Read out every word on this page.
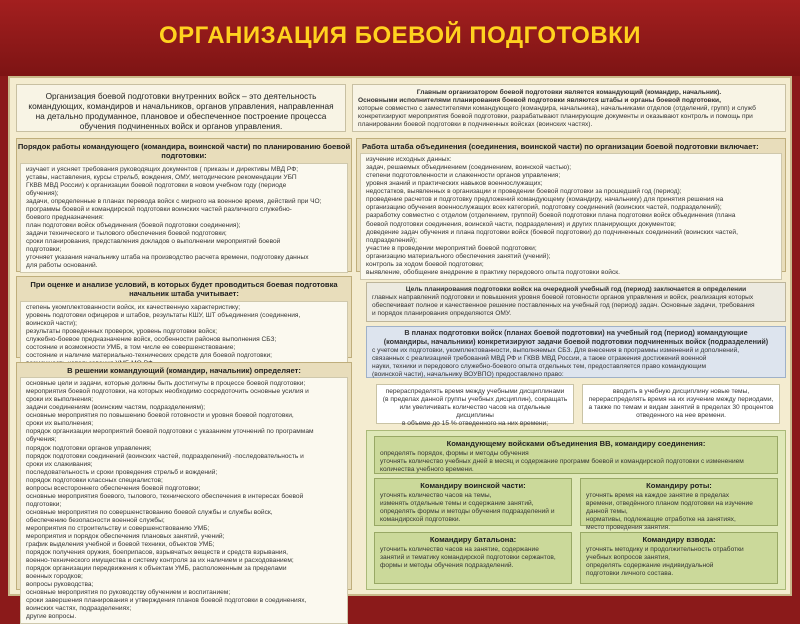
ОРГАНИЗАЦИЯ БОЕВОЙ ПОДГОТОВКИ

Организация боевой подготовки внутренних войск – это деятельность

командующих, командиров и начальников, органов управления, направленная

на детально продуманное, плановое и обеспеченное построение процесса

обучения подчиненных войск и органов управления.

Главным организатором боевой подготовки является командующий (командир, начальник).

Основными исполнителями планирования боевой подготовки являются штабы и органы боевой подготовки,

которые совместно с заместителями командующего (командира, начальника), начальниками отделов (отделений, групп) и служб

конкретизируют мероприятия боевой подготовки, разрабатывают планирующие документы и оказывают контроль и помощь при

планировании боевой подготовки в подчиненных войсках (воинских частях).

Порядок работы командующего (командира, воинской части) по планированию боевой подготовки:

изучает и уясняет требования руководящих документов ( приказы и директивы МВД РФ;

уставы, наставления, курсы стрельб, вождения, ОМУ, методические рекомендации УБП

ГКВВ МВД России) к организации боевой подготовки в новом учебном году (периоде

обучения);

задачи, определенные в планах перевода войск с мирного на военное время, действий при ЧО;

программы боевой и командирской подготовки воинских частей различного служебно-

боевого предназначения:

план подготовки войск объединения (боевой подготовки соединения);

задачи технического и тылового обеспечения боевой подготовки;

сроки планирования, представления докладов о выполнении мероприятий боевой

подготовки;

уточняет указания начальнику штаба на производство расчета времени, подготовку данных

для работы оснований.

При оценке и анализе условий, в которых будет проводиться боевая подготовка начальник штаба учитывает:

степень укомплектованности войск, их качественную характеристику;

уровень подготовки офицеров и штабов, результаты КШУ, ШТ объединения (соединения,

воинской части);

результаты проведенных проверок, уровень подготовки войск;

служебно-боевое предназначение войск, особенности районов выполнения СБЗ;

состояние и возможности УМБ, в том числе ее совершенствование;

состояние и наличие материально-технических средств для боевой подготовки;

В решении командующий (командир, начальник) определяет:

основные цели и задачи, которые должны быть достигнуты в процессе боевой подготовки;

мероприятия боевой подготовки, на которых необходимо сосредоточить основные усилия и

сроки их выполнения;

задачи соединениям (воинским частям, подразделениям);

основные мероприятия по повышению боевой готовности и уровня боевой подготовки,

сроки их выполнения;

порядок организации мероприятий боевой подготовки с указанием уточнений по программам

обучения;

порядок подготовки органов управления;

порядок подготовки соединений (воинских частей, подразделений) -последовательность и

сроки их слаживания;

последовательность и сроки проведения стрельб и вождений;

порядок подготовки классных специалистов;

вопросы всестороннего обеспечения боевой подготовки;

основные мероприятия боевого, тылового, технического обеспечения в интересах боевой

подготовки;

основные мероприятия по совершенствованию боевой службы и службы войск,

обеспечению безопасности военной службы;

мероприятия по строительству и совершенствованию УМБ;

мероприятия и порядок обеспечения плановых занятий, учений;

график выделения учебной и боевой техники, объектов УМБ;

порядок получения оружия, боеприпасов, взрывчатых веществ и средств взрывания,

военно-технического имущества и систему контроля за их наличием и расходованием;

порядок организации передвижения к объектам УМБ, расположенным за пределами

военных городков;

вопросы руководства;

основные мероприятия по руководству обучением и воспитанием;

сроки завершения планирования и утверждения планов боевой подготовки в соединениях,

воинских частях, подразделениях;

другие вопросы.

Работа штаба объединения (соединения, воинской части) по организации боевой подготовки включает:

изучение исходных данных:

задач, решаемых объединением (соединением, воинской частью);

степени подготовленности и слаженности органов управления;

уровня знаний и практических навыков военнослужащих;

недостатков, выявленных в организации и проведении боевой подготовки за прошедший год (период);

проведение расчетов и подготовку предложений командующему (командиру, начальнику) для принятия решения на

организацию обучения военнослужащих всех категорий, подготовку соединений (воинских частей, подразделений);

разработку совместно с отделом (отделением, группой) боевой подготовки плана подготовки войск объединения (плана

боевой подготовки соединения, воинской части, подразделения) и других планирующих документов;

доведение задач обучения и плана подготовки войск (боевой подготовки) до подчиненных соединений (воинских частей,

подразделений);

участие в проведении мероприятий боевой подготовки;

организацию материального обеспечения занятий (учений);

контроль за ходом боевой подготовки;

выявление, обобщение внедрение в практику передового опыта подготовки войск.

Цель планирования подготовки войск на очередной учебный год (период) заключается в определении

главных направлений подготовки и повышения уровня боевой готовности органов управления и войск, реализация которых

обеспечивает полное и качественное решение поставленных на учебный год (период) задач. Основные задачи, требования

и порядок планирования определяются ОМУ.

В планах подготовки войск (планах боевой подготовки) на учебный год (период) командующие

(командиры, начальники) конкретизируют задачи боевой подготовки подчиненных войск (подразделений)

с учетом их подготовки, укомплектованности, выполняемых СБЗ. Для внесения в программы изменений и дополнений,

связанных с реализацией требований МВД РФ и ГКВВ МВД России, а также отражения достижений военной

науки, техники и передового служебно-боевого опыта отдельных тем, предоставляется право командующим

(воинской части), начальнику ВОУВПО) предоставлено право:

перераспределять время между учебными дисциплинами

(в пределах данной группы учебных дисциплин), сокращать

или увеличивать количество часов на отдельные дисциплины

в объеме до 15 % отведенного на них времени;

вводить в учебную дисциплину новые темы,

перераспределять время на их изучение между периодами,

а также по темам и видам занятий в пределах 30 процентов

отведенного на нее времени.

Командующему войсками объединения ВВ, командиру соединения:

определять порядок, формы и методы обучения

уточнять количество учебных дней в месяц и содержание программ боевой и командирской подготовки с изменением

количества учебного времени.

Командиру воинской части:

уточнять количество часов на темы,

изменять отдельные темы и содержание занятий,

определять формы и методы обучения подразделений и

командирской подготовки.

Командиру роты:

уточнять время на каждое занятие в пределах

времени, отведённого планом подготовки на изучение

данной темы,

нормативы, подлежащие отработке на занятиях,

место проведения занятия.

Командиру батальона:

уточнить количество часов на занятие, содержание

занятий и тематику командирской подготовки сержантов,

формы и методы обучения подразделений.

Командиру взвода:

уточнять методику и продолжительность отработки

учебных вопросов занятия,

определять содержание индивидуальной

подготовки личного состава.
